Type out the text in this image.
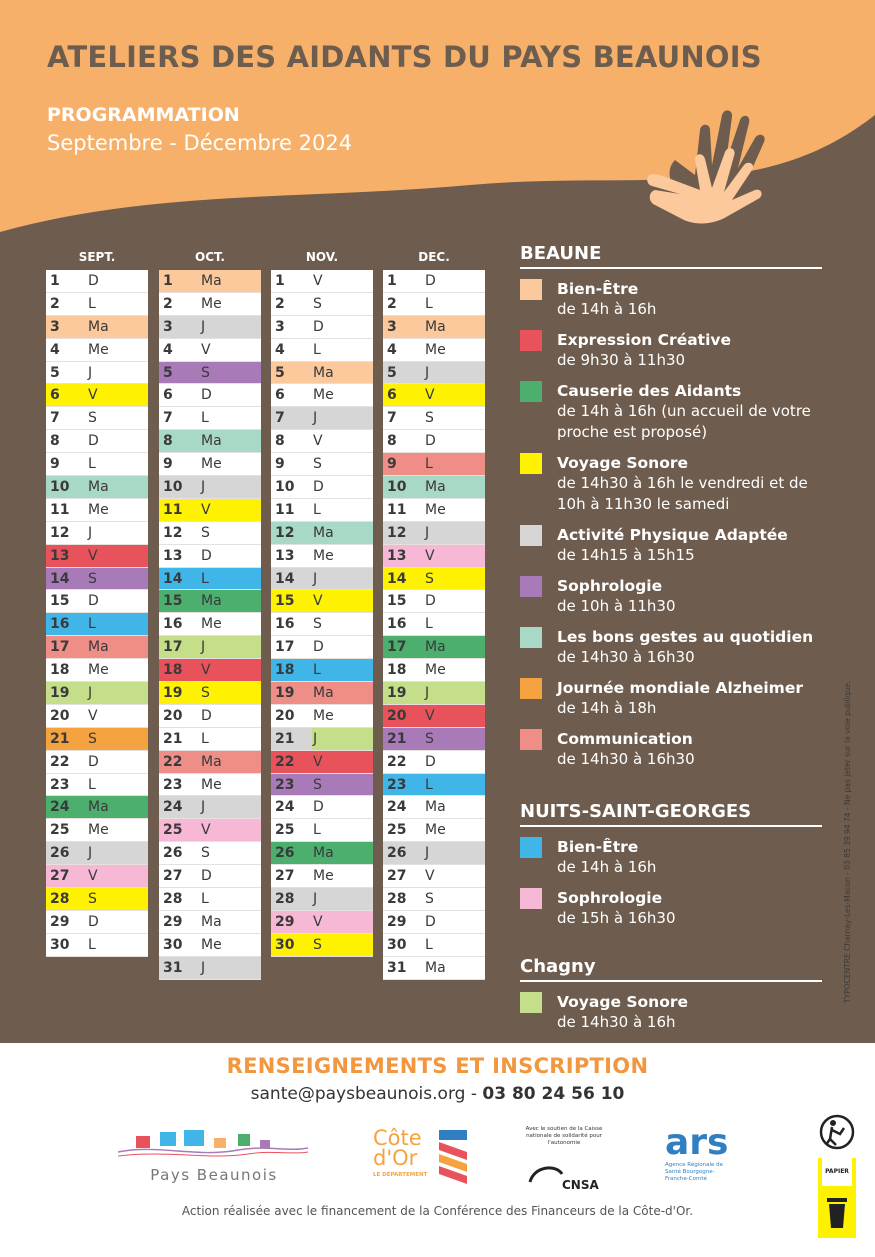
ATELIERS DES AIDANTS DU PAYS BEAUNOIS
PROGRAMMATION
Septembre - Décembre 2024
SEPT.	OCT.	NOV.	DEC.
1	D
2	L
3	Ma
4	Me
5	J
6	V
7	S
8	D
9	L
10	Ma
11	Me
12	J
13	V
14	S
15	D
16	L
17	Ma
18	Me
19	J
20	V
21	S
22	D
23	L
24	Ma
25	Me
26	J
27	V
28	S
29	D
30	L
1	Ma
2	Me
3	J
4	V
5	S
6	D
7	L
8	Ma
9	Me
10	J
11	V
12	S
13	D
14	L
15	Ma
16	Me
17	J
18	V
19	S
20	D
21	L
22	Ma
23	Me
24	J
25	V
26	S
27	D
28	L
29	Ma
30	Me
31	J
1	V
2	S
3	D
4	L
5	Ma
6	Me
7	J
8	V
9	S
10	D
11	L
12	Ma
13	Me
14	J
15	V
16	S
17	D
18	L
19	Ma
20	Me
21	J
22	V
23	S
24	D
25	L
26	Ma
27	Me
28	J
29	V
30	S
1	D
2	L
3	Ma
4	Me
5	J
6	V
7	S
8	D
9	L
10	Ma
11	Me
12	J
13	V
14	S
15	D
16	L
17	Ma
18	Me
19	J
20	V
21	S
22	D
23	L
24	Ma
25	Me
26	J
27	V
28	S
29	D
30	L
31	Ma
BEAUNE
Bien-Être
de 14h à 16h
Expression Créative
de 9h30 à 11h30
Causerie des Aidants
de 14h à 16h (un accueil de votre proche est proposé)
Voyage Sonore
de 14h30 à 16h le vendredi et de 10h à 11h30 le samedi
Activité Physique Adaptée
de 14h15 à 15h15
Sophrologie
de 10h à 11h30
Les bons gestes au quotidien
de 14h30 à 16h30
Journée mondiale Alzheimer
de 14h à 18h
Communication
de 14h30 à 16h30
NUITS-SAINT-GEORGES
Bien-Être
de 14h à 16h
Sophrologie
de 15h à 16h30
Chagny
Voyage Sonore
de 14h30 à 16h
TYPOCENTRE Charnay-Les-Macon - 03 85 39 94 74 - Ne pas jeter sur la voie publique.
RENSEIGNEMENTS ET INSCRIPTION
sante@paysbeaunois.org - 03 80 24 56 10
Pays Beaunois
Côte
d'Or
LE DÉPARTEMENT
Avec le soutien de la Caisse nationale de solidarité pour l'autonomie
CNSA
ars
Agence Régionale de Santé Bourgogne-Franche-Comté
PAPIER
Action réalisée avec le financement de la Conférence des Financeurs de la Côte-d'Or.
